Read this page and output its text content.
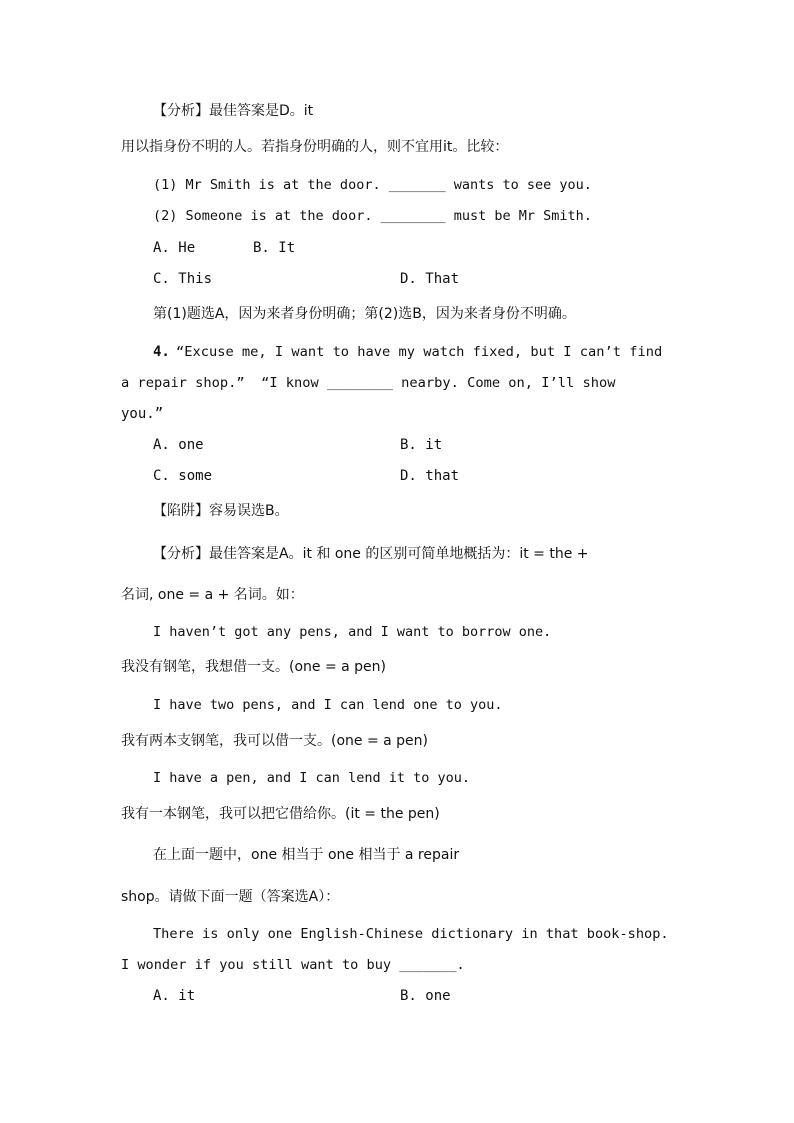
【分析】最佳答案是D。it
用以指身份不明的人。若指身份明确的人，则不宜用it。比较：
(1) Mr Smith is at the door. _______ wants to see you.
(2) Someone is at the door. ________ must be Mr Smith.
A. He	B. It
C. This	D. That
第(1)题选A，因为来者身份明确；第(2)选B，因为来者身份不明确。
4. “Excuse me, I want to have my watch fixed, but I can’t find
a repair shop.”  “I know ________ nearby. Come on, I’ll show
you.”
A. one	B. it
C. some	D. that
【陷阱】容易误选B。
【分析】最佳答案是A。it 和 one 的区别可简单地概括为：it = the +
名词, one = a + 名词。如：
I haven’t got any pens, and I want to borrow one.
我没有钢笔，我想借一支。(one = a pen)
I have two pens, and I can lend one to you.
我有两本支钢笔，我可以借一支。(one = a pen)
I have a pen, and I can lend it to you.
我有一本钢笔，我可以把它借给你。(it = the pen)
在上面一题中，one 相当于 one 相当于 a repair
shop。请做下面一题（答案选A）：
There is only one English-Chinese dictionary in that book-shop.
I wonder if you still want to buy _______.
A. it	B. one
